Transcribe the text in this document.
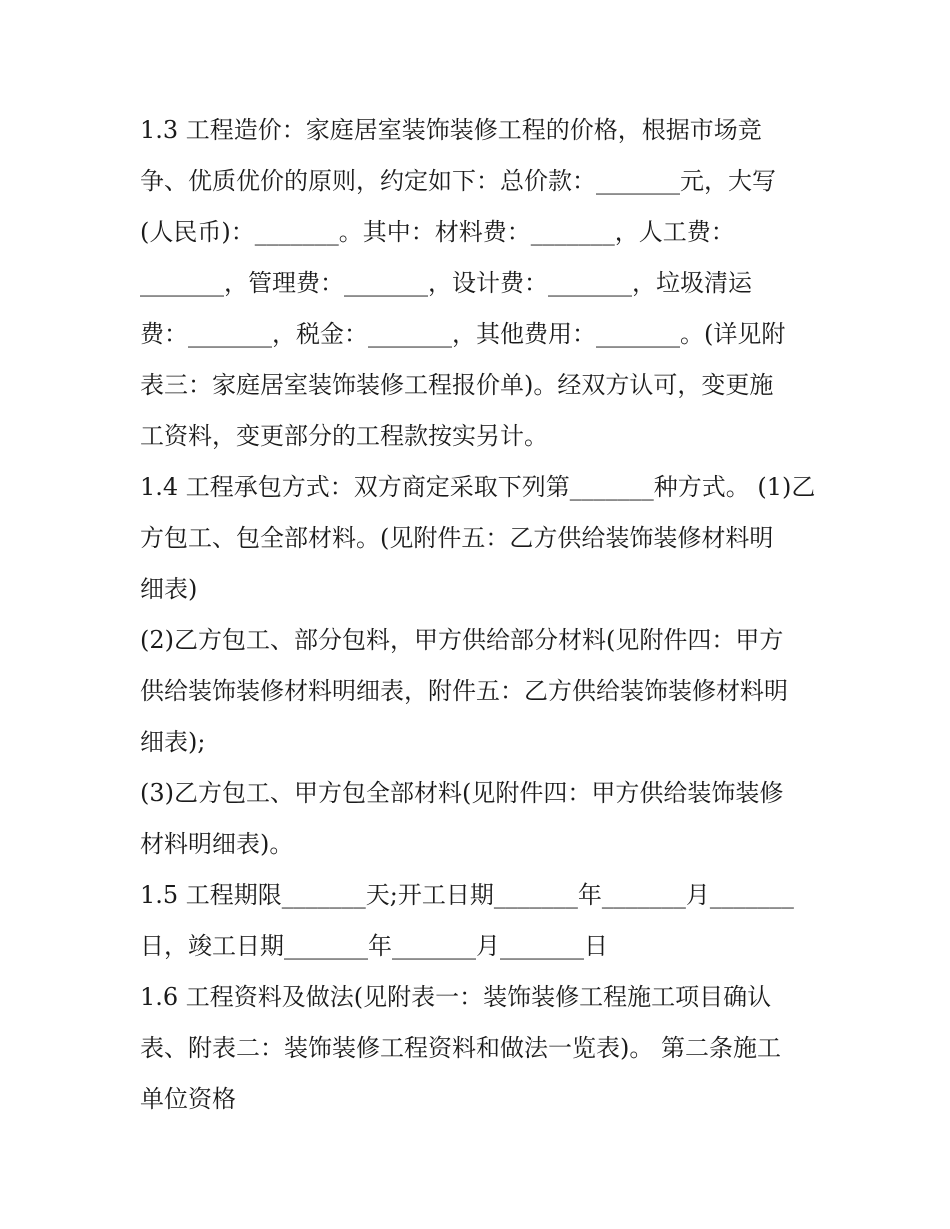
1.3 工程造价：家庭居室装饰装修工程的价格，根据市场竞
争、优质优价的原则，约定如下：总价款：_______元，大写
(人民币)：_______。其中：材料费：_______，人工费：
_______，管理费：_______，设计费：_______，垃圾清运
费：_______，税金：_______，其他费用：_______。(详见附
表三：家庭居室装饰装修工程报价单)。经双方认可，变更施
工资料，变更部分的工程款按实另计。
1.4 工程承包方式：双方商定采取下列第_______种方式。 (1)乙
方包工、包全部材料。(见附件五：乙方供给装饰装修材料明
细表)
(2)乙方包工、部分包料，甲方供给部分材料(见附件四：甲方
供给装饰装修材料明细表，附件五：乙方供给装饰装修材料明
细表);
(3)乙方包工、甲方包全部材料(见附件四：甲方供给装饰装修
材料明细表)。
1.5 工程期限_______天;开工日期_______年_______月_______
日，竣工日期_______年_______月_______日
1.6 工程资料及做法(见附表一：装饰装修工程施工项目确认
表、附表二：装饰装修工程资料和做法一览表)。 第二条施工
单位资格
